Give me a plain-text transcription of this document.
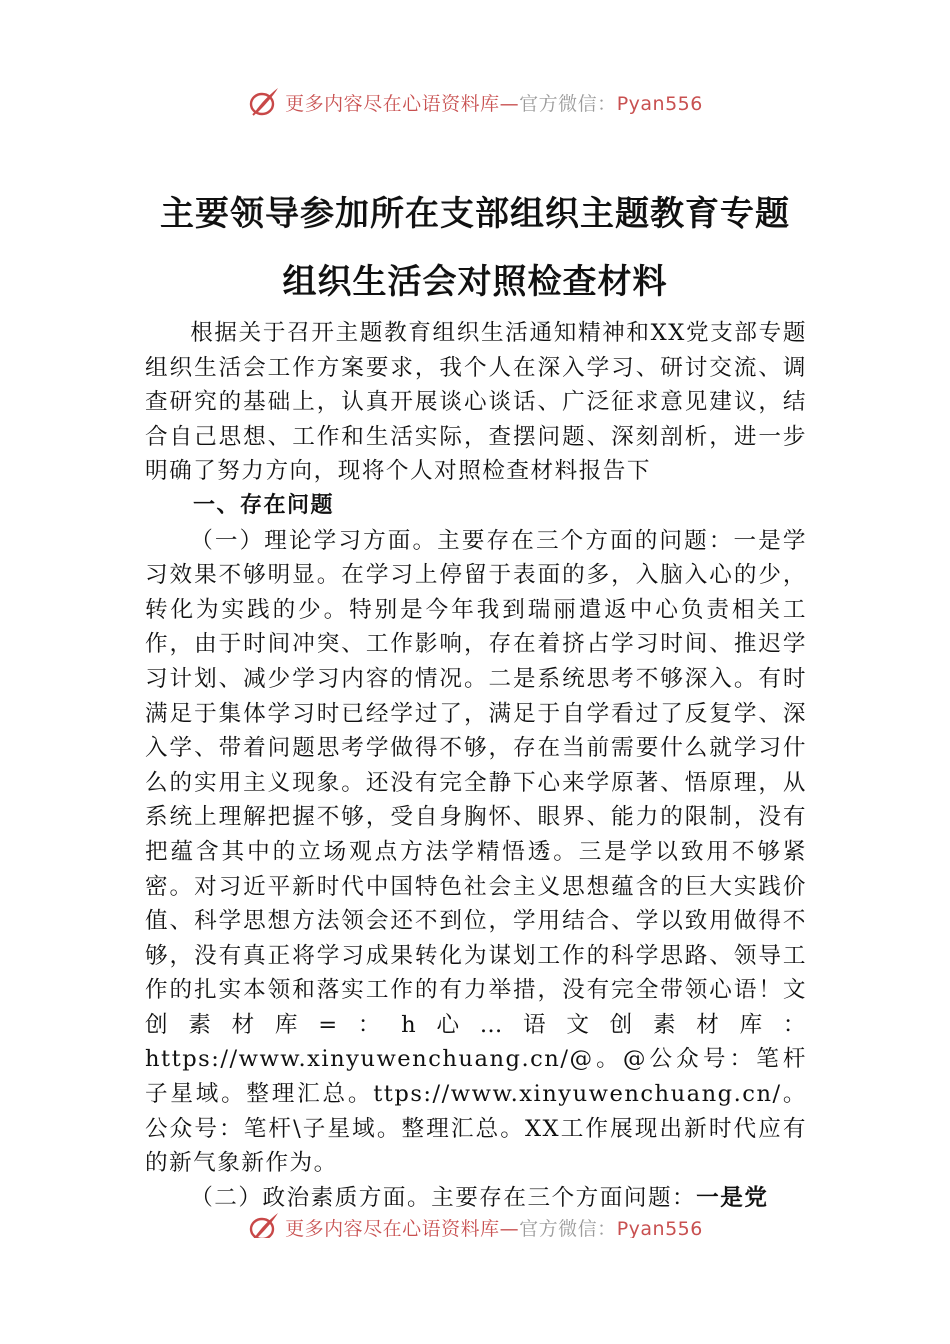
更多内容尽在心语资料库—官方微信：Pyan556
主要领导参加所在支部组织主题教育专题
组织生活会对照检查材料

根据关于召开主题教育组织生活通知精神和XX党支部专题组织生活会工作方案要求，我个人在深入学习、研讨交流、调查研究的基础上，认真开展谈心谈话、广泛征求意见建议，结合自己思想、工作和生活实际，查摆问题、深刻剖析，进一步明确了努力方向，现将个人对照检查材料报告下

一、存在问题

（一）理论学习方面。主要存在三个方面的问题：一是学习效果不够明显。在学习上停留于表面的多，入脑入心的少，转化为实践的少。特别是今年我到瑞丽遣返中心负责相关工作，由于时间冲突、工作影响，存在着挤占学习时间、推迟学习计划、减少学习内容的情况。二是系统思考不够深入。有时满足于集体学习时已经学过了，满足于自学看过了反复学、深入学、带着问题思考学做得不够，存在当前需要什么就学习什么的实用主义现象。还没有完全静下心来学原著、悟原理，从系统上理解把握不够，受自身胸怀、眼界、能力的限制，没有把蕴含其中的立场观点方法学精悟透。三是学以致用不够紧密。对习近平新时代中国特色社会主义思想蕴含的巨大实践价值、科学思想方法领会还不到位，学用结合、学以致用做得不够，没有真正将学习成果转化为谋划工作的科学思路、领导工作的扎实本领和落实工作的有力举措，没有完全带领心语！文创素材库=：h心…语文创素材库：https://www.xinyuwenchuang.cn/@。@公众号：笔杆子星域。整理汇总。ttps://www.xinyuwenchuang.cn/。公众号：笔杆\子星域。整理汇总。XX工作展现出新时代应有的新气象新作为。

（二）政治素质方面。主要存在三个方面问题：一是党

更多内容尽在心语资料库—官方微信：Pyan556
